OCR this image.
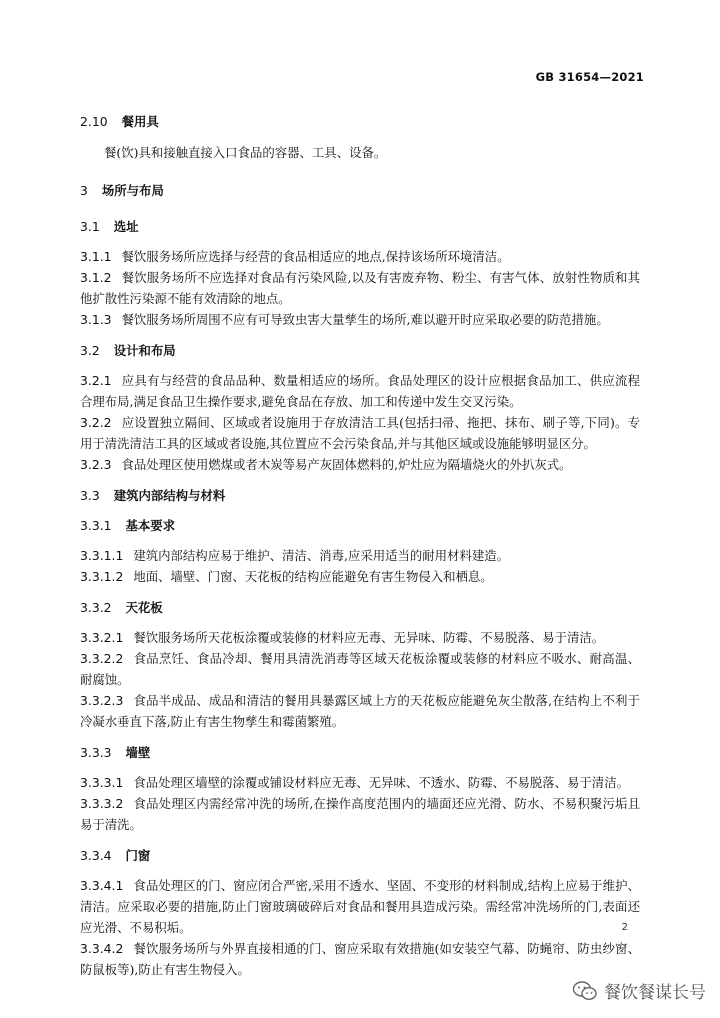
GB 31654—2021
2.10 餐用具
餐(饮)具和接触直接入口食品的容器、工具、设备。
3 场所与布局
3.1 选址
3.1.1 餐饮服务场所应选择与经营的食品相适应的地点,保持该场所环境清洁。
3.1.2 餐饮服务场所不应选择对食品有污染风险,以及有害废弃物、粉尘、有害气体、放射性物质和其他扩散性污染源不能有效清除的地点。
3.1.3 餐饮服务场所周围不应有可导致虫害大量孳生的场所,难以避开时应采取必要的防范措施。
3.2 设计和布局
3.2.1 应具有与经营的食品品种、数量相适应的场所。食品处理区的设计应根据食品加工、供应流程合理布局,满足食品卫生操作要求,避免食品在存放、加工和传递中发生交叉污染。
3.2.2 应设置独立隔间、区域或者设施用于存放清洁工具(包括扫帚、拖把、抹布、刷子等,下同)。专用于清洗清洁工具的区域或者设施,其位置应不会污染食品,并与其他区域或设施能够明显区分。
3.2.3 食品处理区使用燃煤或者木炭等易产灰固体燃料的,炉灶应为隔墙烧火的外扒灰式。
3.3 建筑内部结构与材料
3.3.1 基本要求
3.3.1.1 建筑内部结构应易于维护、清洁、消毒,应采用适当的耐用材料建造。
3.3.1.2 地面、墙壁、门窗、天花板的结构应能避免有害生物侵入和栖息。
3.3.2 天花板
3.3.2.1 餐饮服务场所天花板涂覆或装修的材料应无毒、无异味、防霉、不易脱落、易于清洁。
3.3.2.2 食品烹饪、食品冷却、餐用具清洗消毒等区域天花板涂覆或装修的材料应不吸水、耐高温、耐腐蚀。
3.3.2.3 食品半成品、成品和清洁的餐用具暴露区域上方的天花板应能避免灰尘散落,在结构上不利于冷凝水垂直下落,防止有害生物孳生和霉菌繁殖。
3.3.3 墙壁
3.3.3.1 食品处理区墙壁的涂覆或铺设材料应无毒、无异味、不透水、防霉、不易脱落、易于清洁。
3.3.3.2 食品处理区内需经常冲洗的场所,在操作高度范围内的墙面还应光滑、防水、不易积聚污垢且易于清洗。
3.3.4 门窗
3.3.4.1 食品处理区的门、窗应闭合严密,采用不透水、坚固、不变形的材料制成,结构上应易于维护、清洁。应采取必要的措施,防止门窗玻璃破碎后对食品和餐用具造成污染。需经常冲洗场所的门,表面还应光滑、不易积垢。
3.3.4.2 餐饮服务场所与外界直接相通的门、窗应采取有效措施(如安装空气幕、防蝇帘、防虫纱窗、防鼠板等),防止有害生物侵入。
2
餐饮餐谋长号
